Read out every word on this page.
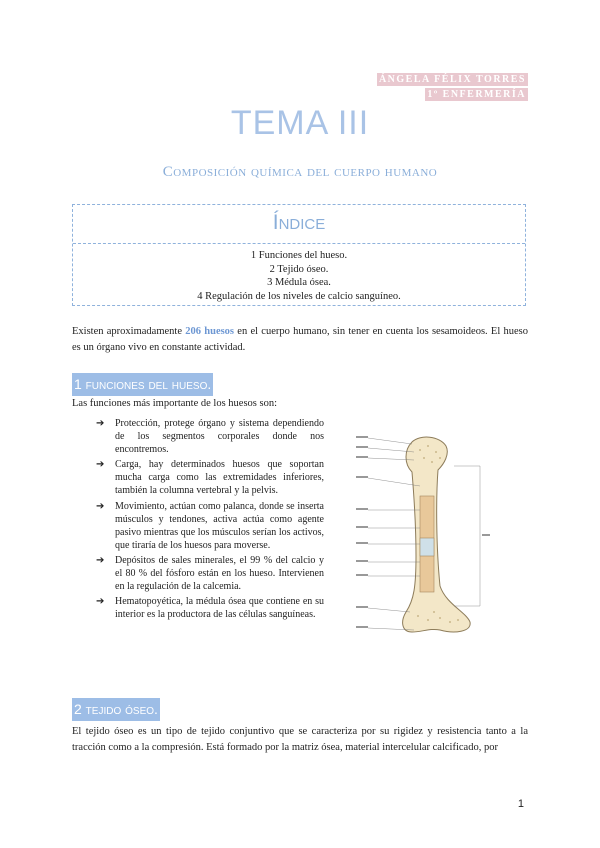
ÁNGELA FÉLIX TORRES
1º ENFERMERÍA
TEMA III
Composición química del cuerpo humano
Índice
1 Funciones del hueso.
2 Tejido óseo.
3 Médula ósea.
4 Regulación de los niveles de calcio sanguíneo.
Existen aproximadamente 206 huesos en el cuerpo humano, sin tener en cuenta los sesamoideos. El hueso es un órgano vivo en constante actividad.
1 funciones del hueso.
Las funciones más importante de los huesos son:
➔ Protección, protege órgano y sistema dependiendo de los segmentos corporales donde nos encontremos.
➔ Carga, hay determinados huesos que soportan mucha carga como las extremidades inferiores, también la columna vertebral y la pelvis.
➔ Movimiento, actúan como palanca, donde se inserta músculos y tendones, activa actúa como agente pasivo mientras que los músculos serían los activos, que tiraría de los huesos para moverse.
➔ Depósitos de sales minerales, el 99 % del calcio y el 80 % del fósforo están en los hueso. Intervienen en la regulación de la calcemia.
➔ Hematopoyética, la médula ósea que contiene en su interior es la productora de las células sanguíneas.
2 tejido óseo.
El tejido óseo es un tipo de tejido conjuntivo que se caracteriza por su rigidez y resistencia tanto a la tracción como a la compresión. Está formado por la matriz ósea, material intercelular calcificado, por
1
